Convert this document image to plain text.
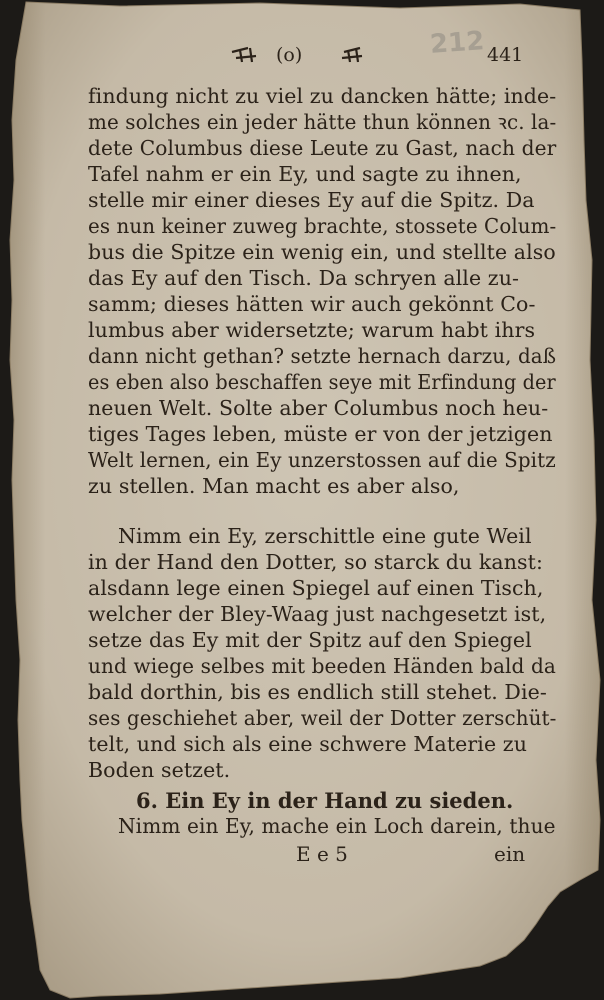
(o)	212 441
findung nicht zu viel zu dancken hätte; inde-
me solches ein jeder hätte thun können ꝛc. la-
dete Columbus diese Leute zu Gast, nach der
Tafel nahm er ein Ey, und sagte zu ihnen,
stelle mir einer dieses Ey auf die Spitz. Da
es nun keiner zuweg brachte, stossete Colum-
bus die Spitze ein wenig ein, und stellte also
das Ey auf den Tisch. Da schryen alle zu-
samm; dieses hätten wir auch gekönnt Co-
lumbus aber widersetzte; warum habt ihrs
dann nicht gethan? setzte hernach darzu, daß
es eben also beschaffen seye mit Erfindung der
neuen Welt. Solte aber Columbus noch heu-
tiges Tages leben, müste er von der jetzigen
Welt lernen, ein Ey unzerstossen auf die Spitz
zu stellen. Man macht es aber also,
Nimm ein Ey, zerschittle eine gute Weil
in der Hand den Dotter, so starck du kanst:
alsdann lege einen Spiegel auf einen Tisch,
welcher der Bley-Waag just nachgesetzt ist,
setze das Ey mit der Spitz auf den Spiegel
und wiege selbes mit beeden Händen bald da
bald dorthin, bis es endlich still stehet. Die-
ses geschiehet aber, weil der Dotter zerschüt-
telt, und sich als eine schwere Materie zu
Boden setzet.
6. Ein Ey in der Hand zu sieden.
Nimm ein Ey, mache ein Loch darein, thue
E e 5	ein
